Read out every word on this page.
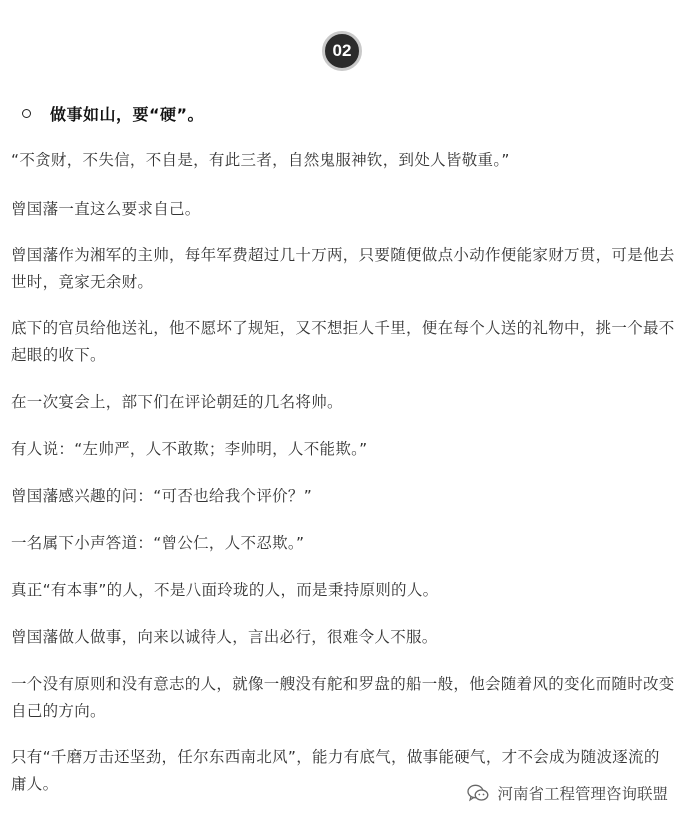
02
做事如山，要“硬”。

“不贪财，不失信，不自是，有此三者，自然鬼服神钦，到处人皆敬重。”

曾国藩一直这么要求自己。

曾国藩作为湘军的主帅，每年军费超过几十万两，只要随便做点小动作便能家财万贯，可是他去世时，竟家无余财。

底下的官员给他送礼，他不愿坏了规矩，又不想拒人千里，便在每个人送的礼物中，挑一个最不起眼的收下。

在一次宴会上，部下们在评论朝廷的几名将帅。

有人说：“左帅严，人不敢欺；李帅明，人不能欺。”

曾国藩感兴趣的问：“可否也给我个评价？”

一名属下小声答道：“曾公仁，人不忍欺。”

真正“有本事”的人，不是八面玲珑的人，而是秉持原则的人。

曾国藩做人做事，向来以诚待人，言出必行，很难令人不服。

一个没有原则和没有意志的人，就像一艘没有舵和罗盘的船一般，他会随着风的变化而随时改变自己的方向。

只有“千磨万击还坚劲，任尔东西南北风”，能力有底气，做事能硬气，才不会成为随波逐流的庸人。

河南省工程管理咨询联盟
